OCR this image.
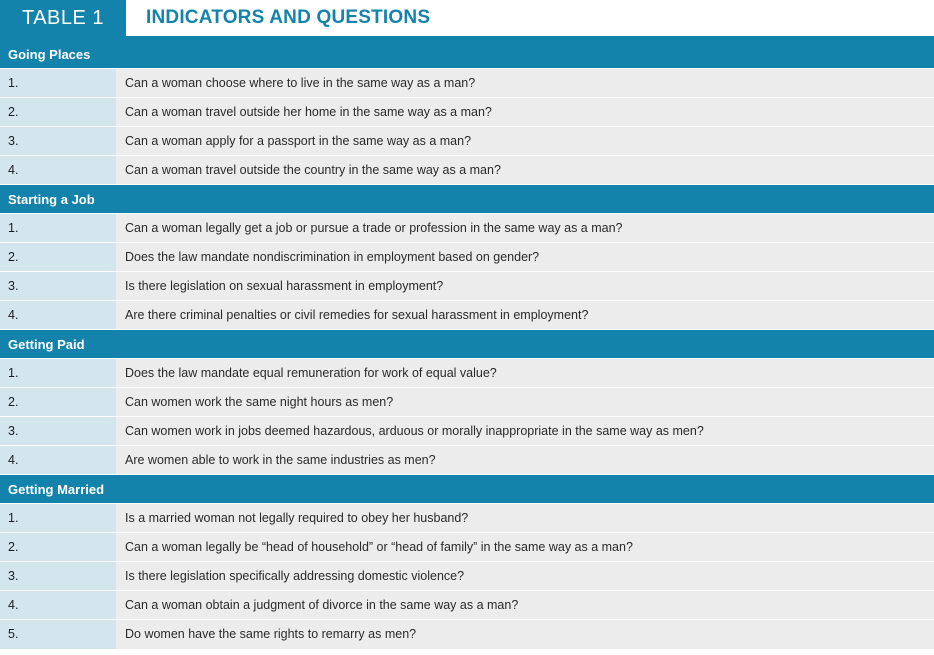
TABLE 1	INDICATORS AND QUESTIONS
Going Places
1.	Can a woman choose where to live in the same way as a man?
2.	Can a woman travel outside her home in the same way as a man?
3.	Can a woman apply for a passport in the same way as a man?
4.	Can a woman travel outside the country in the same way as a man?
Starting a Job
1.	Can a woman legally get a job or pursue a trade or profession in the same way as a man?
2.	Does the law mandate nondiscrimination in employment based on gender?
3.	Is there legislation on sexual harassment in employment?
4.	Are there criminal penalties or civil remedies for sexual harassment in employment?
Getting Paid
1.	Does the law mandate equal remuneration for work of equal value?
2.	Can women work the same night hours as men?
3.	Can women work in jobs deemed hazardous, arduous or morally inappropriate in the same way as men?
4.	Are women able to work in the same industries as men?
Getting Married
1.	Is a married woman not legally required to obey her husband?
2.	Can a woman legally be “head of household” or “head of family” in the same way as a man?
3.	Is there legislation specifically addressing domestic violence?
4.	Can a woman obtain a judgment of divorce in the same way as a man?
5.	Do women have the same rights to remarry as men?
